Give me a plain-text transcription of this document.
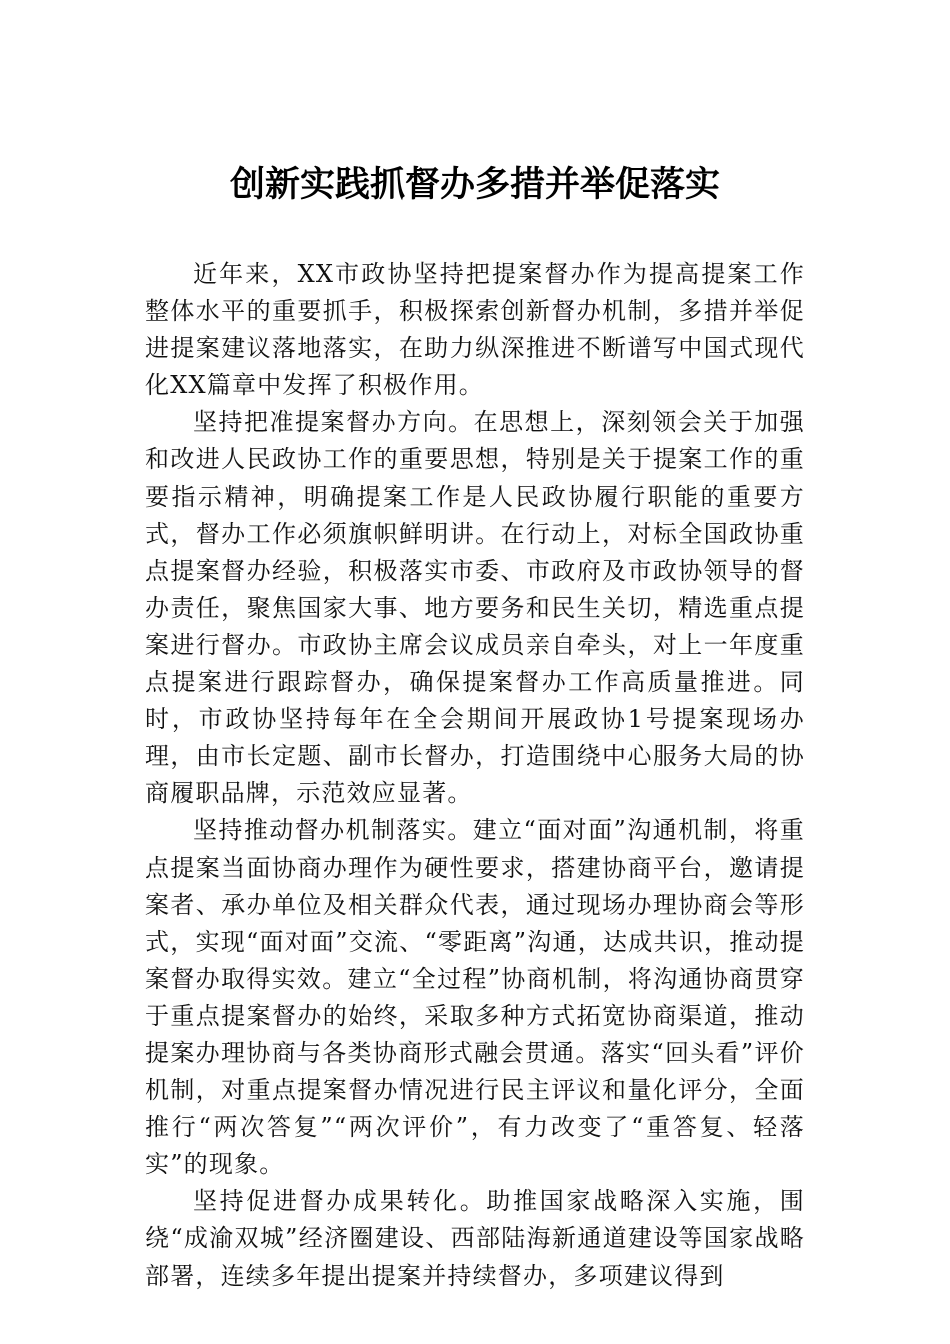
创新实践抓督办多措并举促落实

近年来，XX市政协坚持把提案督办作为提高提案工作整体水平的重要抓手，积极探索创新督办机制，多措并举促进提案建议落地落实，在助力纵深推进不断谱写中国式现代化XX篇章中发挥了积极作用。

坚持把准提案督办方向。在思想上，深刻领会关于加强和改进人民政协工作的重要思想，特别是关于提案工作的重要指示精神，明确提案工作是人民政协履行职能的重要方式，督办工作必须旗帜鲜明讲。在行动上，对标全国政协重点提案督办经验，积极落实市委、市政府及市政协领导的督办责任，聚焦国家大事、地方要务和民生关切，精选重点提案进行督办。市政协主席会议成员亲自牵头，对上一年度重点提案进行跟踪督办，确保提案督办工作高质量推进。同时，市政协坚持每年在全会期间开展政协1号提案现场办理，由市长定题、副市长督办，打造围绕中心服务大局的协商履职品牌，示范效应显著。

坚持推动督办机制落实。建立“面对面”沟通机制，将重点提案当面协商办理作为硬性要求，搭建协商平台，邀请提案者、承办单位及相关群众代表，通过现场办理协商会等形式，实现“面对面”交流、“零距离”沟通，达成共识，推动提案督办取得实效。建立“全过程”协商机制，将沟通协商贯穿于重点提案督办的始终，采取多种方式拓宽协商渠道，推动提案办理协商与各类协商形式融会贯通。落实“回头看”评价机制，对重点提案督办情况进行民主评议和量化评分，全面推行“两次答复”“两次评价”，有力改变了“重答复、轻落实”的现象。

坚持促进督办成果转化。助推国家战略深入实施，围绕“成渝双城”经济圈建设、西部陆海新通道建设等国家战略部署，连续多年提出提案并持续督办，多项建议得到
